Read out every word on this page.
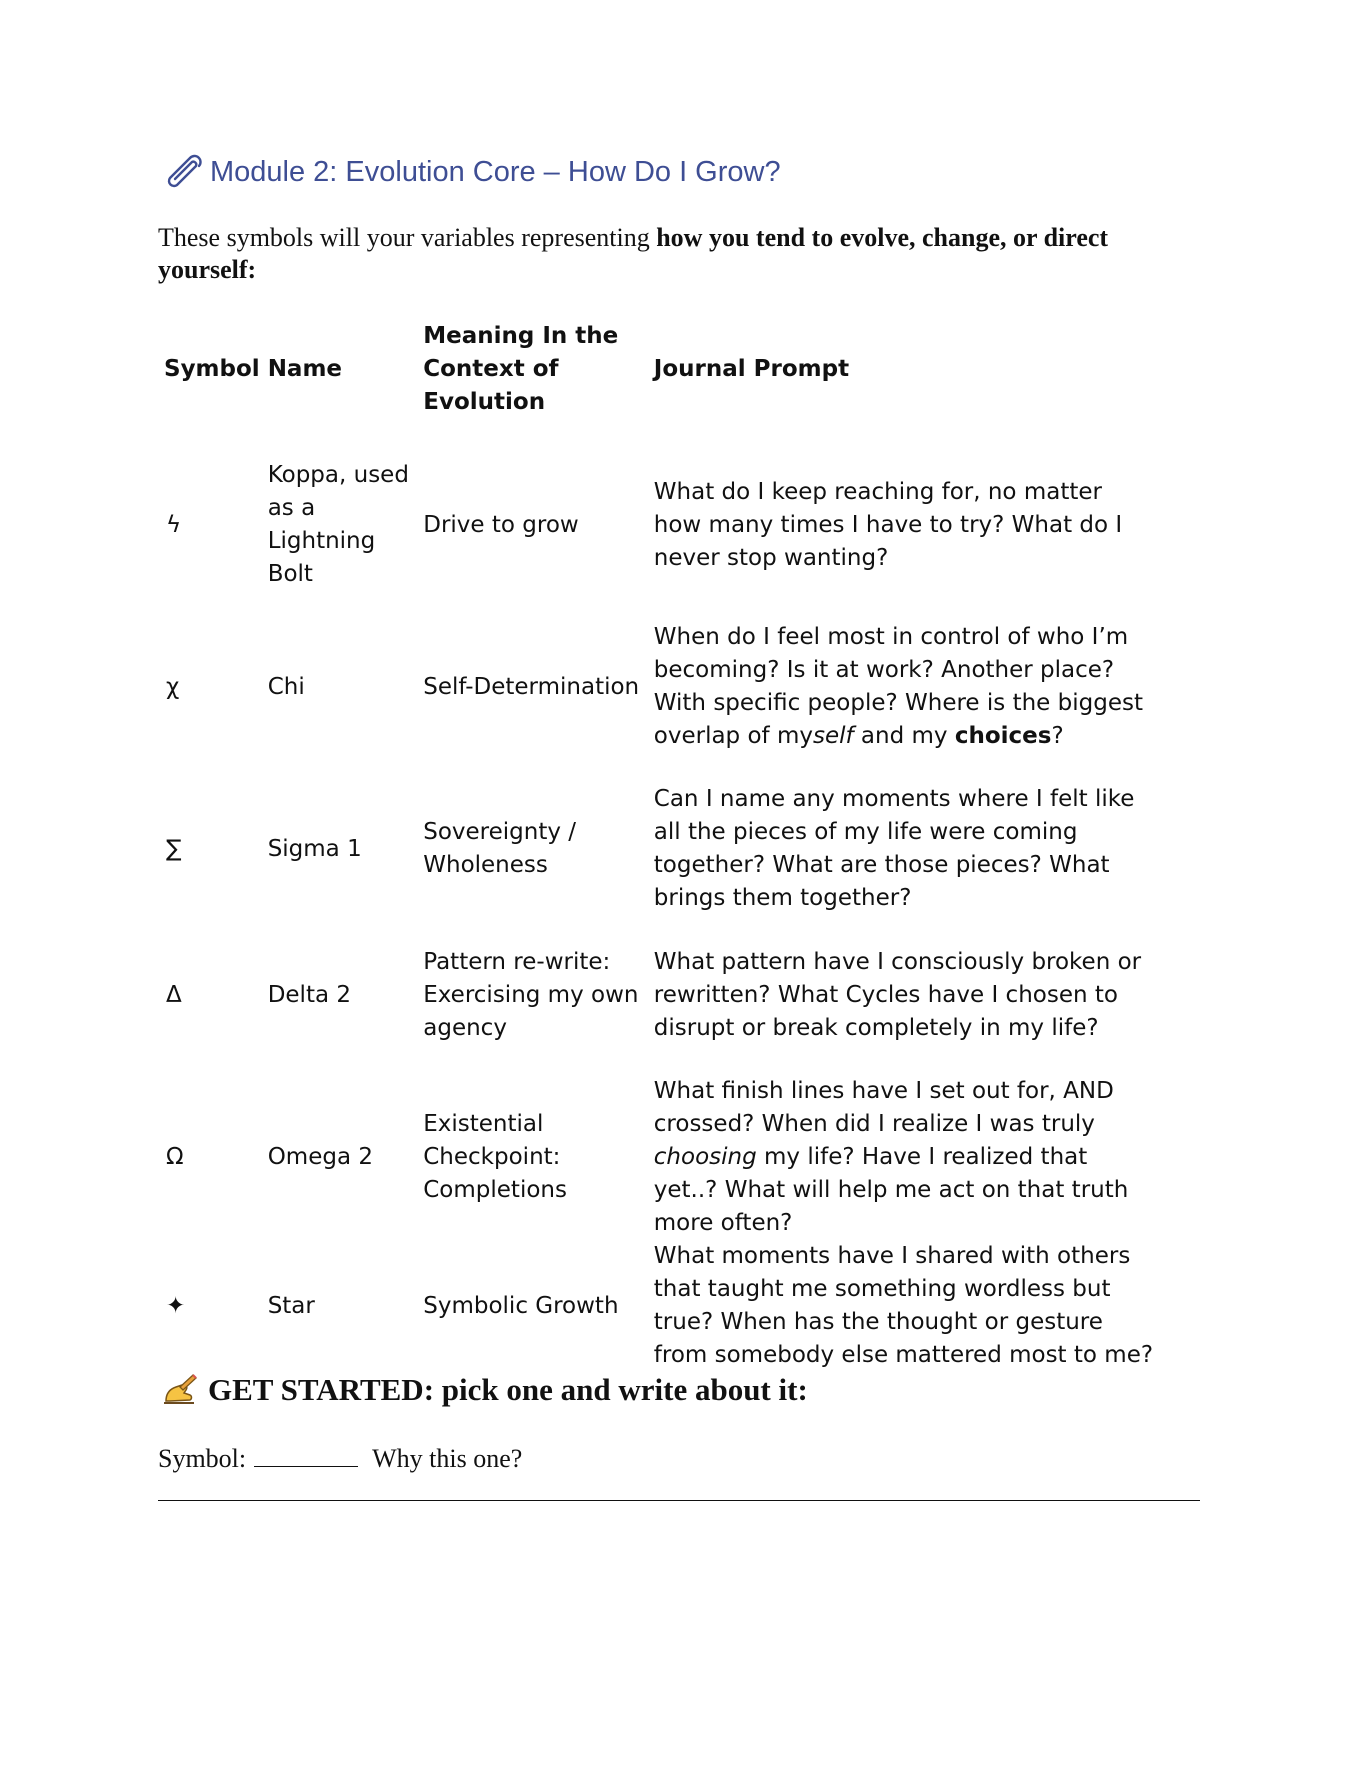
Module 2: Evolution Core – How Do I Grow?
These symbols will your variables representing how you tend to evolve, change, or direct yourself:
Symbol	Name	Meaning In the Context of Evolution	Journal Prompt

ϟ	Koppa, used as a Lightning Bolt	Drive to grow	What do I keep reaching for, no matter how many times I have to try? What do I never stop wanting?

χ	Chi	Self-Determination	When do I feel most in control of who I’m becoming? Is it at work? Another place? With specific people? Where is the biggest overlap of myself and my choices?

∑	Sigma 1	Sovereignty / Wholeness	Can I name any moments where I felt like all the pieces of my life were coming together? What are those pieces? What brings them together?

Δ	Delta 2	Pattern re-write: Exercising my own agency	What pattern have I consciously broken or rewritten? What Cycles have I chosen to disrupt or break completely in my life?

Ω	Omega 2	Existential Checkpoint: Completions	What finish lines have I set out for, AND crossed? When did I realize I was truly choosing my life? Have I realized that yet..? What will help me act on that truth more often?

✦	Star	Symbolic Growth	What moments have I shared with others that taught me something wordless but true? When has the thought or gesture from somebody else mattered most to me?
GET STARTED: pick one and write about it:
Symbol:	Why this one?
